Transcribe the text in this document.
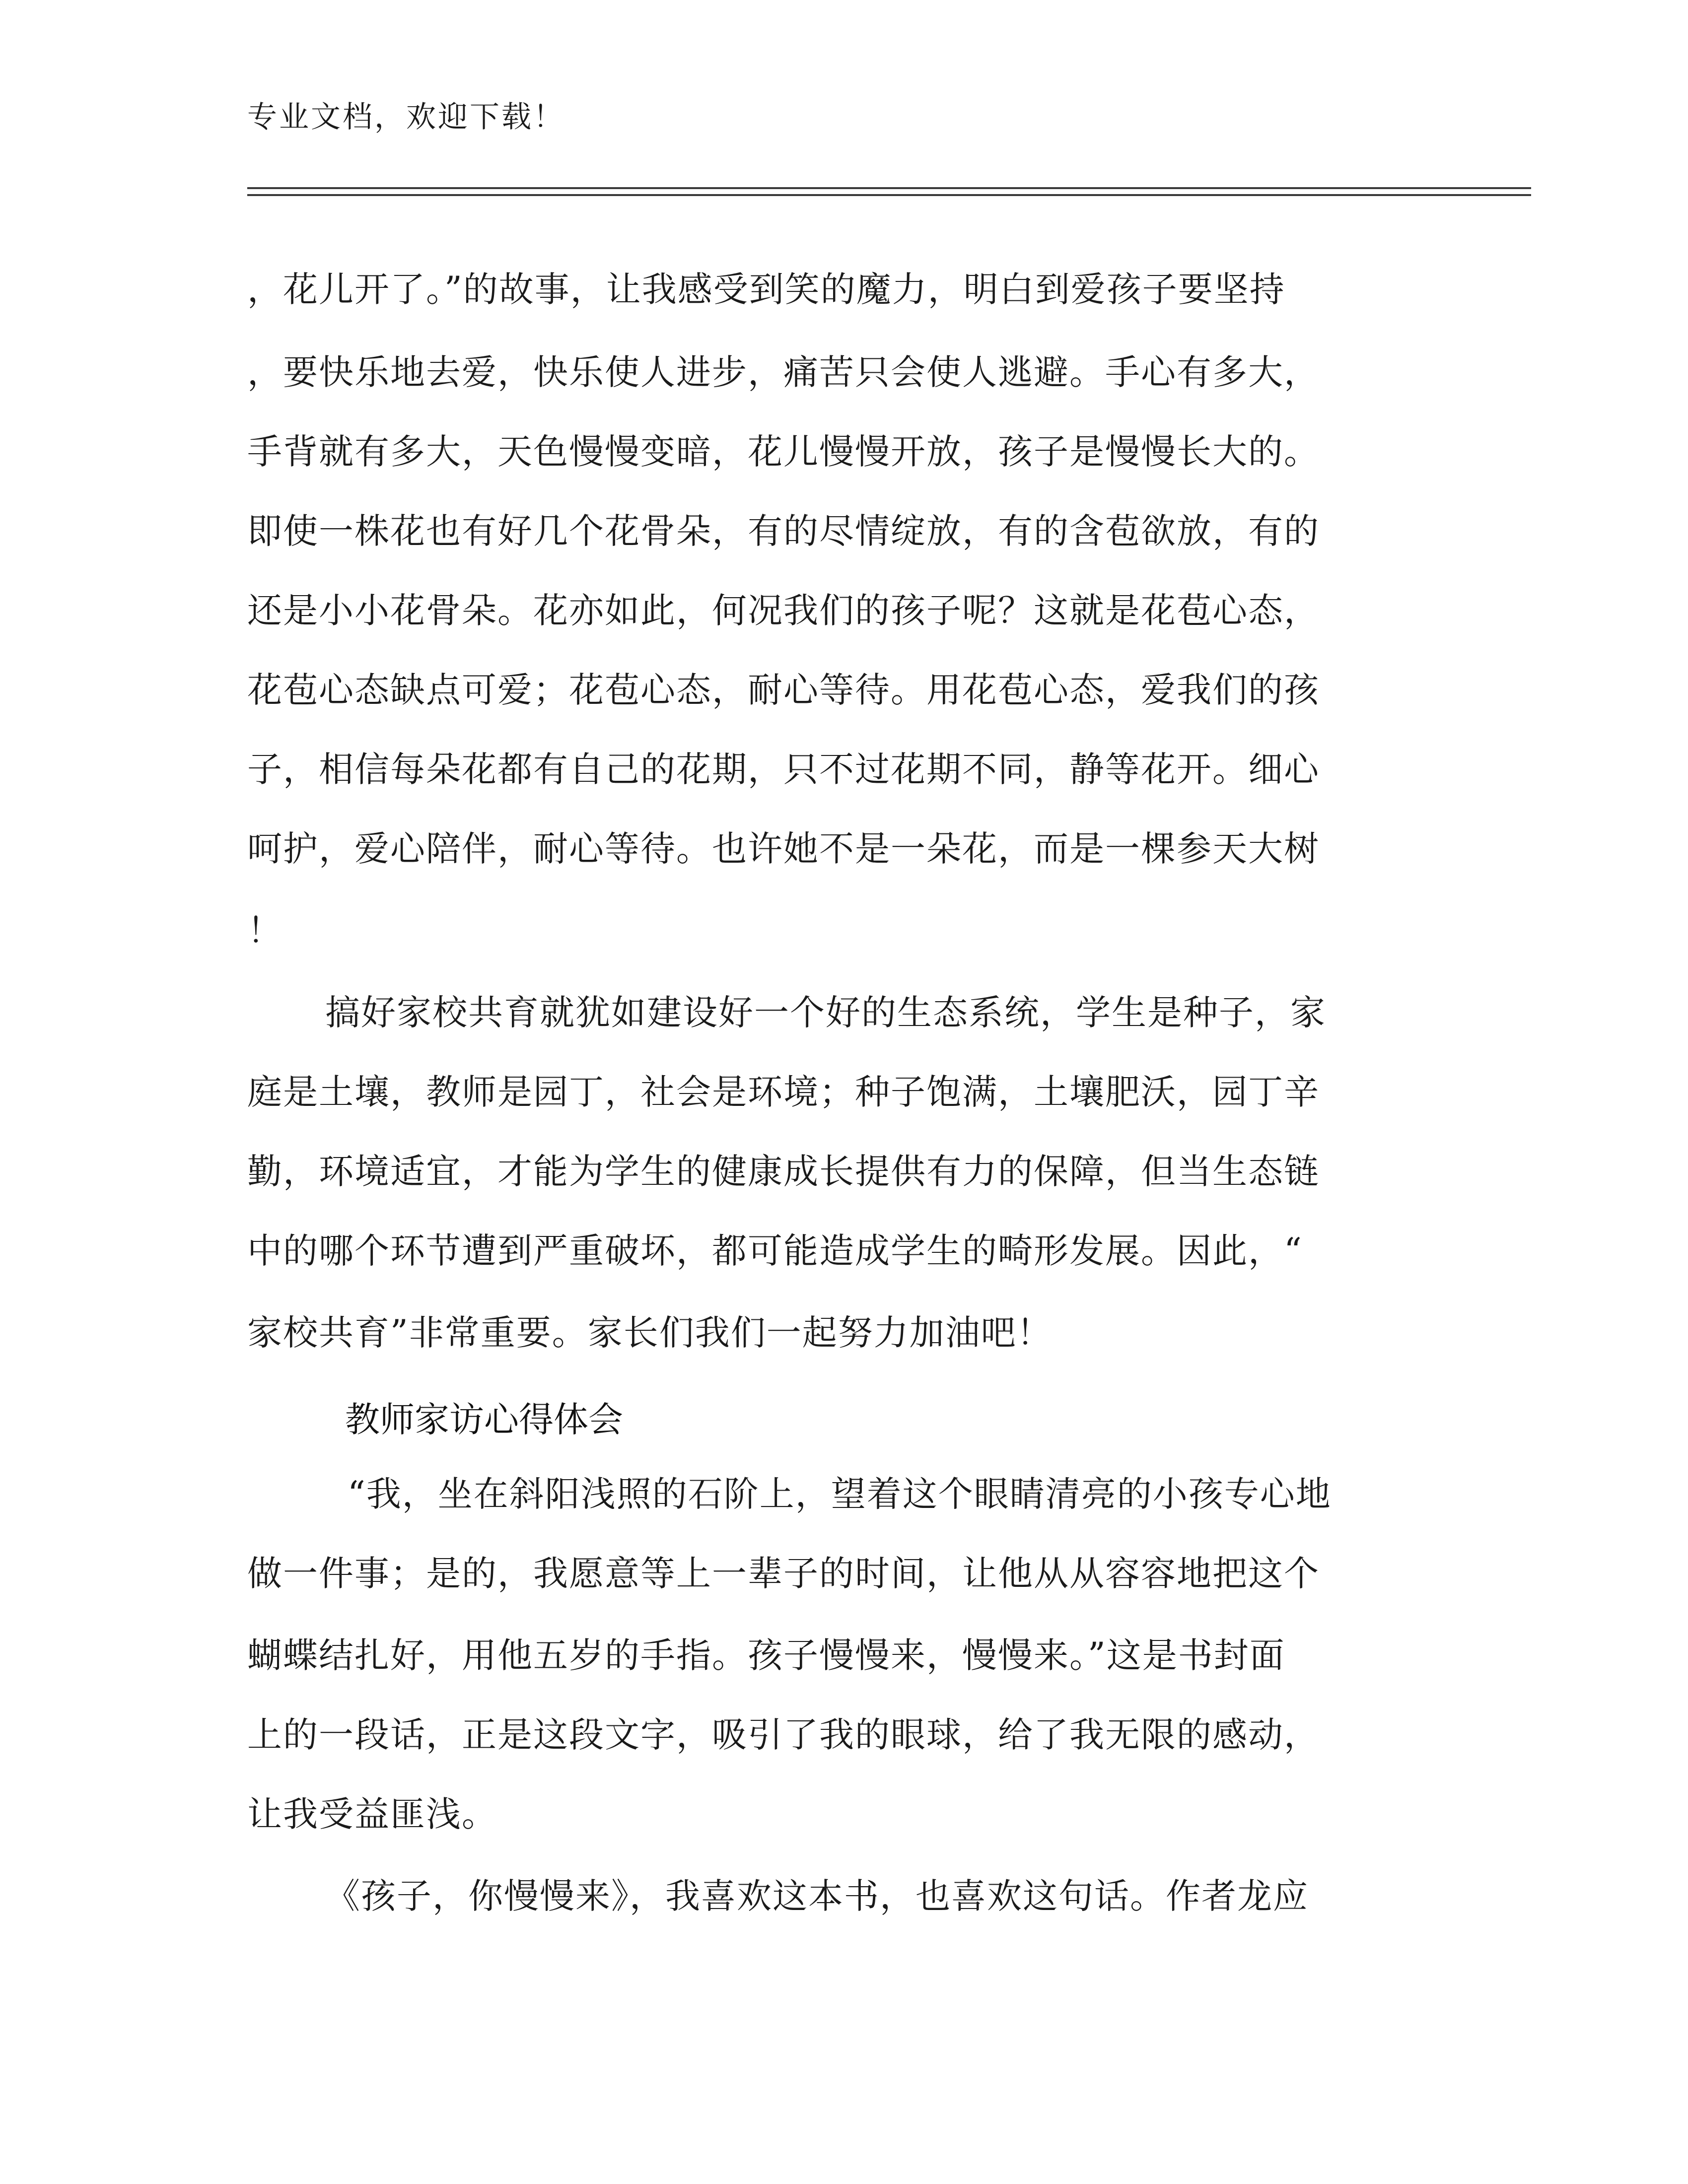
专业文档，欢迎下载！
，花儿开了。”的故事，让我感受到笑的魔力，明白到爱孩子要坚持
，要快乐地去爱，快乐使人进步，痛苦只会使人逃避。手心有多大，
手背就有多大，天色慢慢变暗，花儿慢慢开放，孩子是慢慢长大的。
即使一株花也有好几个花骨朵，有的尽情绽放，有的含苞欲放，有的
还是小小花骨朵。花亦如此，何况我们的孩子呢？这就是花苞心态，
花苞心态缺点可爱；花苞心态，耐心等待。用花苞心态，爱我们的孩
子，相信每朵花都有自己的花期，只不过花期不同，静等花开。细心
呵护，爱心陪伴，耐心等待。也许她不是一朵花，而是一棵参天大树
！
搞好家校共育就犹如建设好一个好的生态系统，学生是种子，家
庭是土壤，教师是园丁，社会是环境；种子饱满，土壤肥沃，园丁辛
勤，环境适宜，才能为学生的健康成长提供有力的保障，但当生态链
中的哪个环节遭到严重破坏，都可能造成学生的畸形发展。因此，“
家校共育”非常重要。家长们我们一起努力加油吧！
教师家访心得体会
“我，坐在斜阳浅照的石阶上，望着这个眼睛清亮的小孩专心地
做一件事；是的，我愿意等上一辈子的时间，让他从从容容地把这个
蝴蝶结扎好，用他五岁的手指。孩子慢慢来，慢慢来。”这是书封面
上的一段话，正是这段文字，吸引了我的眼球，给了我无限的感动，
让我受益匪浅。
《孩子，你慢慢来》，我喜欢这本书，也喜欢这句话。作者龙应
